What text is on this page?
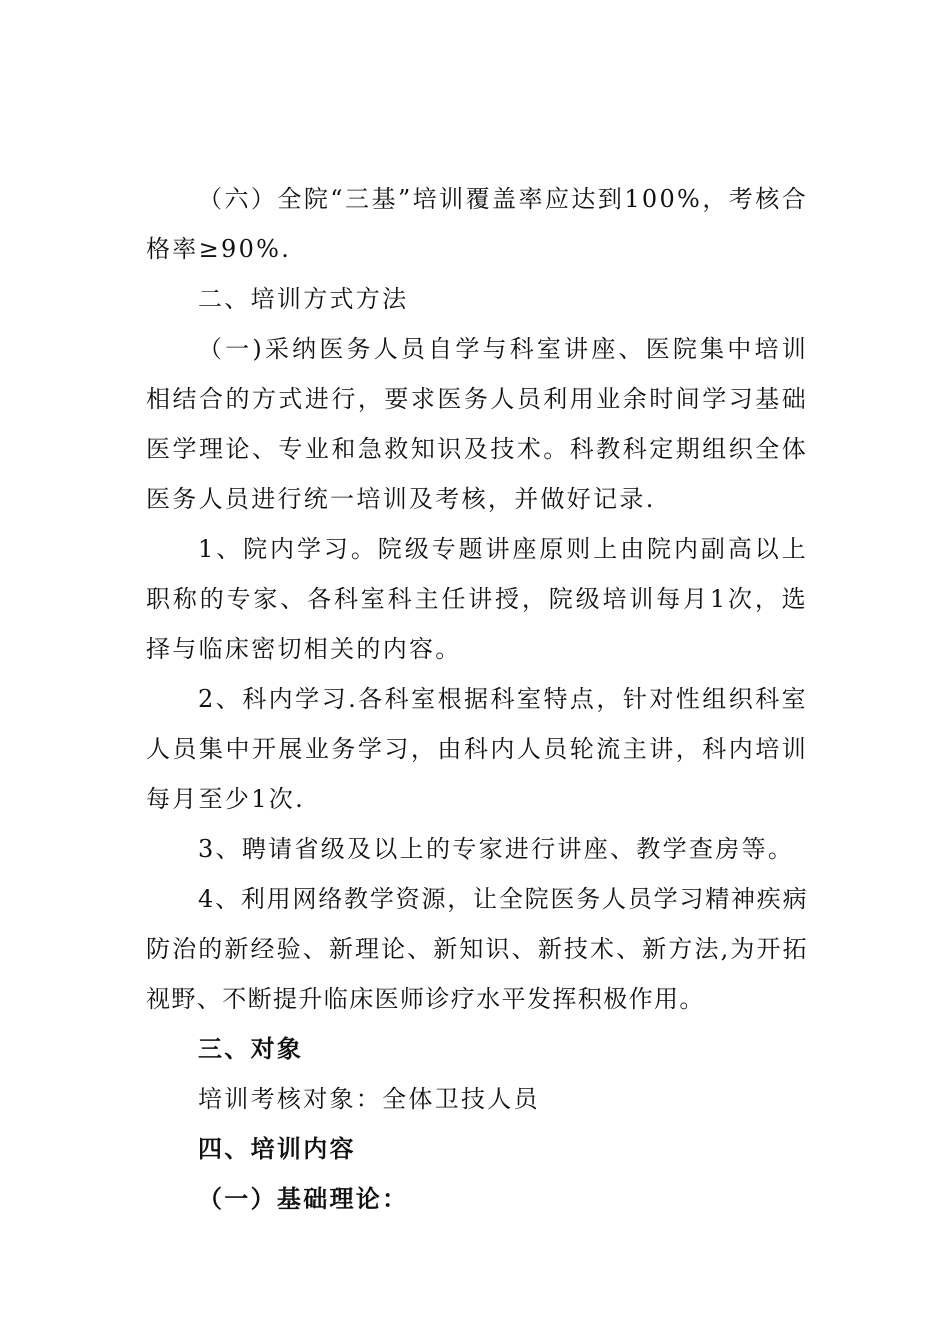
（六）全院“三基”培训覆盖率应达到100%，考核合格率≥90%.

二、培训方式方法

（一)采纳医务人员自学与科室讲座、医院集中培训相结合的方式进行，要求医务人员利用业余时间学习基础医学理论、专业和急救知识及技术。科教科定期组织全体医务人员进行统一培训及考核，并做好记录.

1、院内学习。院级专题讲座原则上由院内副高以上职称的专家、各科室科主任讲授，院级培训每月1次，选择与临床密切相关的内容。

2、科内学习.各科室根据科室特点，针对性组织科室人员集中开展业务学习，由科内人员轮流主讲，科内培训每月至少1次.

3、聘请省级及以上的专家进行讲座、教学查房等。

4、利用网络教学资源，让全院医务人员学习精神疾病防治的新经验、新理论、新知识、新技术、新方法,为开拓视野、不断提升临床医师诊疗水平发挥积极作用。

三、对象

培训考核对象：全体卫技人员

四、培训内容

（一）基础理论：
